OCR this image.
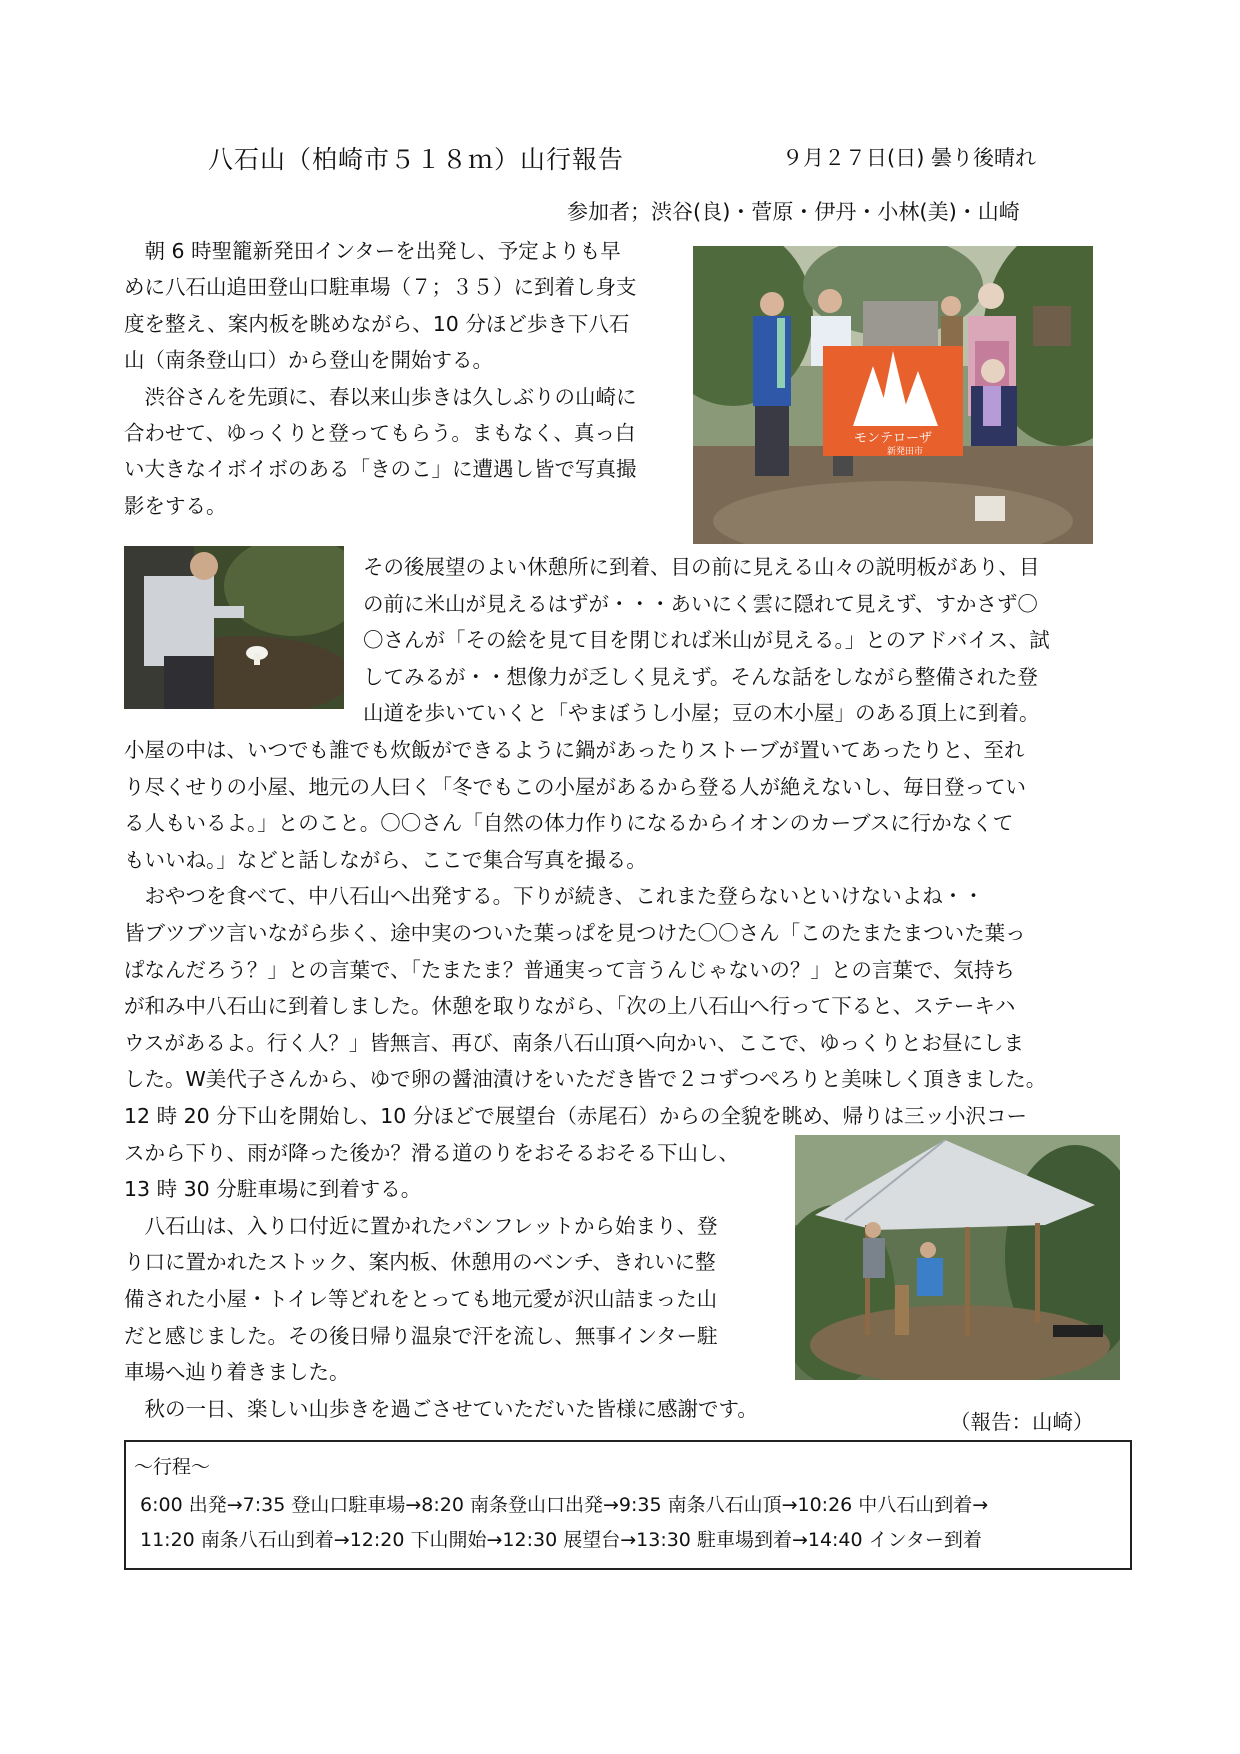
八石山（柏崎市５１８ｍ）山行報告	９月２７日(日) 曇り後晴れ
参加者；渋谷(良)・菅原・伊丹・小林(美)・山崎
モンテローザ
新発田市
　朝 6 時聖籠新発田インターを出発し、予定よりも早
めに八石山追田登山口駐車場（７；３５）に到着し身支
度を整え、案内板を眺めながら、10 分ほど歩き下八石
山（南条登山口）から登山を開始する。
　渋谷さんを先頭に、春以来山歩きは久しぶりの山崎に
合わせて、ゆっくりと登ってもらう。まもなく、真っ白
い大きなイボイボのある「きのこ」に遭遇し皆で写真撮
影をする。
その後展望のよい休憩所に到着、目の前に見える山々の説明板があり、目
の前に米山が見えるはずが・・・あいにく雲に隠れて見えず、すかさず〇
〇さんが「その絵を見て目を閉じれば米山が見える。」とのアドバイス、試
してみるが・・想像力が乏しく見えず。そんな話をしながら整備された登
山道を歩いていくと「やまぼうし小屋；豆の木小屋」のある頂上に到着。
小屋の中は、いつでも誰でも炊飯ができるように鍋があったりストーブが置いてあったりと、至れ
り尽くせりの小屋、地元の人曰く「冬でもこの小屋があるから登る人が絶えないし、毎日登ってい
る人もいるよ。」とのこと。〇〇さん「自然の体力作りになるからイオンのカーブスに行かなくて
もいいね。」などと話しながら、ここで集合写真を撮る。
　おやつを食べて、中八石山へ出発する。下りが続き、これまた登らないといけないよね・・
皆ブツブツ言いながら歩く、途中実のついた葉っぱを見つけた〇〇さん「このたまたまついた葉っ
ぱなんだろう？」との言葉で、「たまたま？普通実って言うんじゃないの？」との言葉で、気持ち
が和み中八石山に到着しました。休憩を取りながら、「次の上八石山へ行って下ると、ステーキハ
ウスがあるよ。行く人？」皆無言、再び、南条八石山頂へ向かい、ここで、ゆっくりとお昼にしま
した。W美代子さんから、ゆで卵の醤油漬けをいただき皆で２コずつぺろりと美味しく頂きました。
12 時 20 分下山を開始し、10 分ほどで展望台（赤尾石）からの全貌を眺め、帰りは三ッ小沢コー
スから下り、雨が降った後か？滑る道のりをおそるおそる下山し、
13 時 30 分駐車場に到着する。
　八石山は、入り口付近に置かれたパンフレットから始まり、登
り口に置かれたストック、案内板、休憩用のベンチ、きれいに整
備された小屋・トイレ等どれをとっても地元愛が沢山詰まった山
だと感じました。その後日帰り温泉で汗を流し、無事インター駐
車場へ辿り着きました。
　秋の一日、楽しい山歩きを過ごさせていただいた皆様に感謝です。
（報告：山崎）
～行程～
6:00 出発→7:35 登山口駐車場→8:20 南条登山口出発→9:35 南条八石山頂→10:26 中八石山到着→
11:20 南条八石山到着→12:20 下山開始→12:30 展望台→13:30 駐車場到着→14:40 インター到着
